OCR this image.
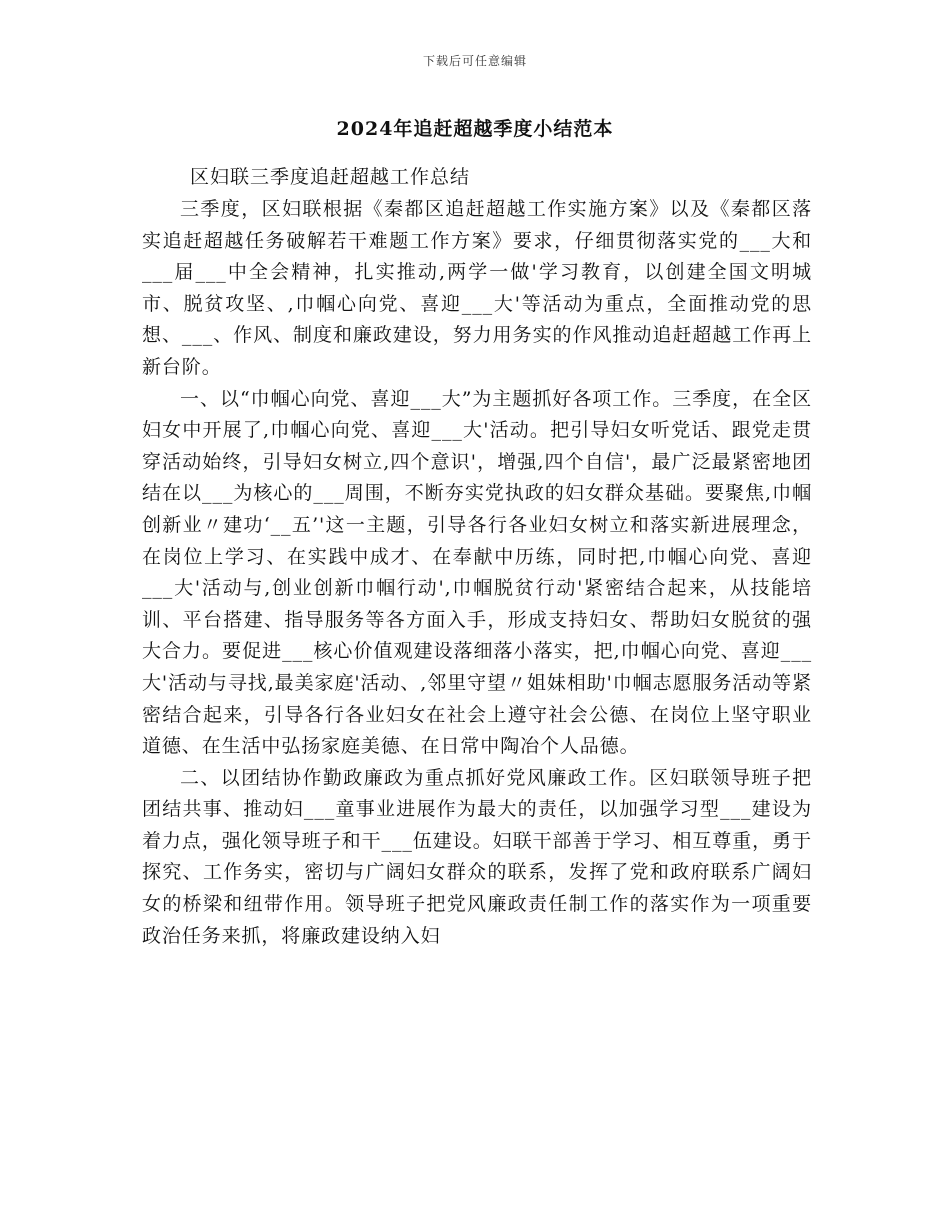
下载后可任意编辑
2024年追赶超越季度小结范本
区妇联三季度追赶超越工作总结

三季度，区妇联根据《秦都区追赶超越工作实施方案》以及《秦都区落实追赶超越任务破解若干难题工作方案》要求，仔细贯彻落实党的___大和___届___中全会精神，扎实推动,两学一做'学习教育，以创建全国文明城市、脱贫攻坚、,巾帼心向党、喜迎___大'等活动为重点，全面推动党的思想、___、作风、制度和廉政建设，努力用务实的作风推动追赶超越工作再上新台阶。

一、以“巾帼心向党、喜迎___大”为主题抓好各项工作。三季度，在全区妇女中开展了,巾帼心向党、喜迎___大'活动。把引导妇女听党话、跟党走贯穿活动始终，引导妇女树立,四个意识'，增强,四个自信'，最广泛最紧密地团结在以___为核心的___周围，不断夯实党执政的妇女群众基础。要聚焦,巾帼创新业〃建功‘__五’'这一主题，引导各行各业妇女树立和落实新进展理念，在岗位上学习、在实践中成才、在奉献中历练，同时把,巾帼心向党、喜迎___大'活动与,创业创新巾帼行动',巾帼脱贫行动'紧密结合起来，从技能培训、平台搭建、指导服务等各方面入手，形成支持妇女、帮助妇女脱贫的强大合力。要促进___核心价值观建设落细落小落实，把,巾帼心向党、喜迎___大'活动与寻找,最美家庭'活动、,邻里守望〃姐妹相助'巾帼志愿服务活动等紧密结合起来，引导各行各业妇女在社会上遵守社会公德、在岗位上坚守职业道德、在生活中弘扬家庭美德、在日常中陶冶个人品德。

二、以团结协作勤政廉政为重点抓好党风廉政工作。区妇联领导班子把团结共事、推动妇___童事业进展作为最大的责任，以加强学习型___建设为着力点，强化领导班子和干___伍建设。妇联干部善于学习、相互尊重，勇于探究、工作务实，密切与广阔妇女群众的联系，发挥了党和政府联系广阔妇女的桥梁和纽带作用。领导班子把党风廉政责任制工作的落实作为一项重要政治任务来抓，将廉政建设纳入妇
